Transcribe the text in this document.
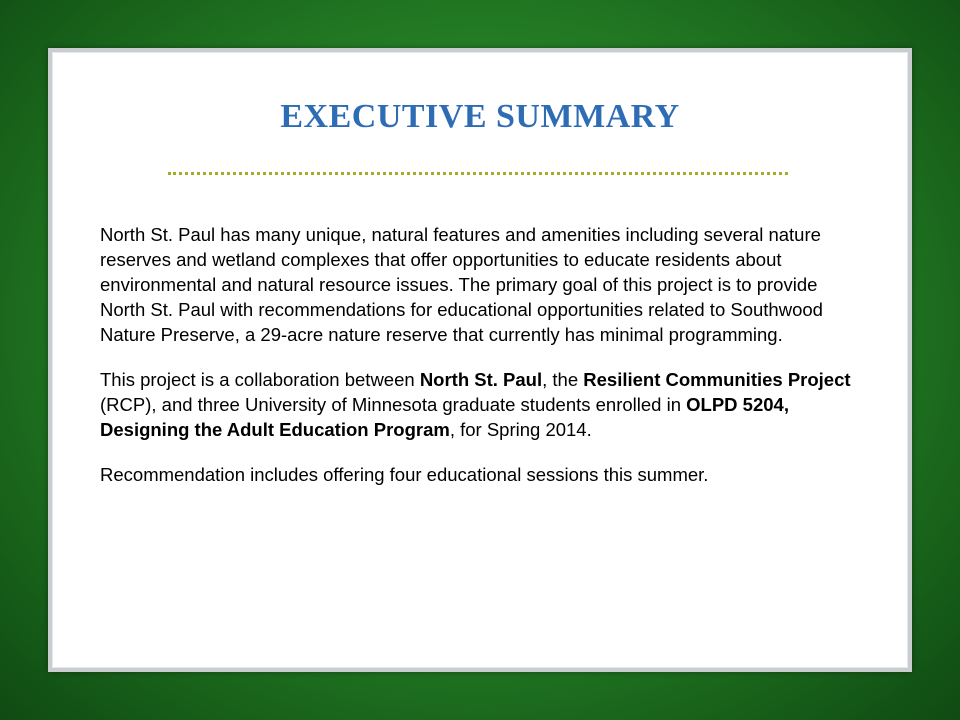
EXECUTIVE SUMMARY

North St. Paul has many unique, natural features and amenities including several nature reserves and wetland complexes that offer opportunities to educate residents about environmental and natural resource issues. The primary goal of this project is to provide North St. Paul with recommendations for educational opportunities related to Southwood Nature Preserve, a 29-acre nature reserve that currently has minimal programming.

This project is a collaboration between North St. Paul, the Resilient Communities Project (RCP), and three University of Minnesota graduate students enrolled in OLPD 5204, Designing the Adult Education Program, for Spring 2014.

Recommendation includes offering four educational sessions this summer.
